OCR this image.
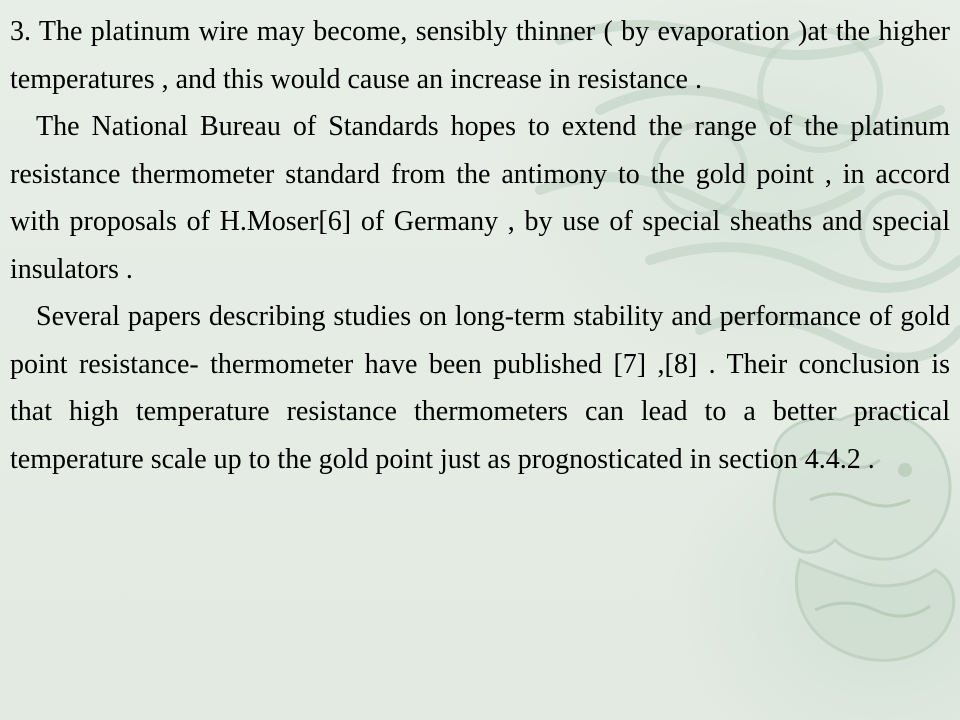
3. The platinum wire may become, sensibly thinner ( by evaporation )at the higher temperatures , and this would cause an increase in resistance .

The National Bureau of Standards hopes to extend the range of the platinum resistance thermometer standard from the antimony to the gold point , in accord with proposals of H.Moser[6] of Germany , by use of special sheaths and special insulators .

Several papers describing studies on long-term stability and performance of gold point resistance- thermometer have been published [7] ,[8] . Their conclusion is that high temperature resistance thermometers can lead to a better practical temperature scale up to the gold point just as prognosticated in section 4.4.2 .
